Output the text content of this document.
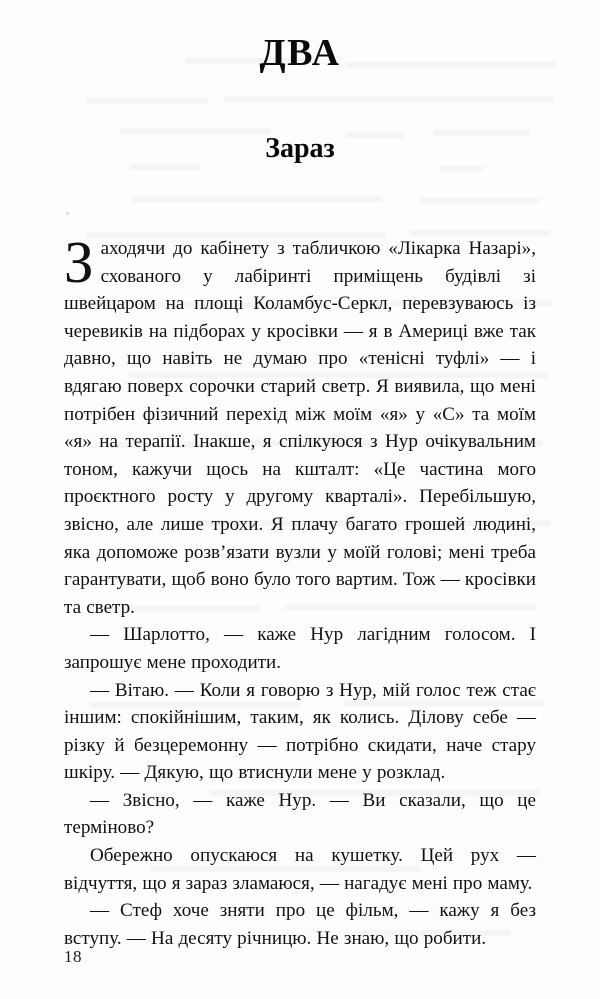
ДВА
Зараз

Заходячи до кабінету з табличкою «Лікарка Назарі», схованого у лабіринті приміщень будівлі зі швейцаром на площі Коламбус-Серкл, перевзуваюсь із черевиків на підборах у кросівки — я в Америці вже так давно, що навіть не думаю про «тенісні туфлі» — і вдягаю поверх сорочки старий светр. Я виявила, що мені потрібен фізичний перехід між моїм «я» у «С» та моїм «я» на терапії. Інакше, я спілкуюся з Нур очікувальним тоном, кажучи щось на кшталт: «Це частина мого проєктного росту у другому кварталі». Перебільшую, звісно, але лише трохи. Я плачу багато грошей людині, яка допоможе розв’язати вузли у моїй голові; мені треба гарантувати, щоб воно було того вартим. Тож — кросівки та светр.

— Шарлотто, — каже Нур лагідним голосом. І запрошує мене проходити.

— Вітаю. — Коли я говорю з Нур, мій голос теж стає іншим: спокійнішим, таким, як колись. Ділову себе — різку й безцеремонну — потрібно скидати, наче стару шкіру. — Дякую, що втиснули мене у розклад.

— Звісно, — каже Нур. — Ви сказали, що це терміново?

Обережно опускаюся на кушетку. Цей рух — відчуття, що я зараз зламаюся, — нагадує мені про маму.

— Стеф хоче зняти про це фільм, — кажу я без вступу. — На десяту річницю. Не знаю, що робити.

18
